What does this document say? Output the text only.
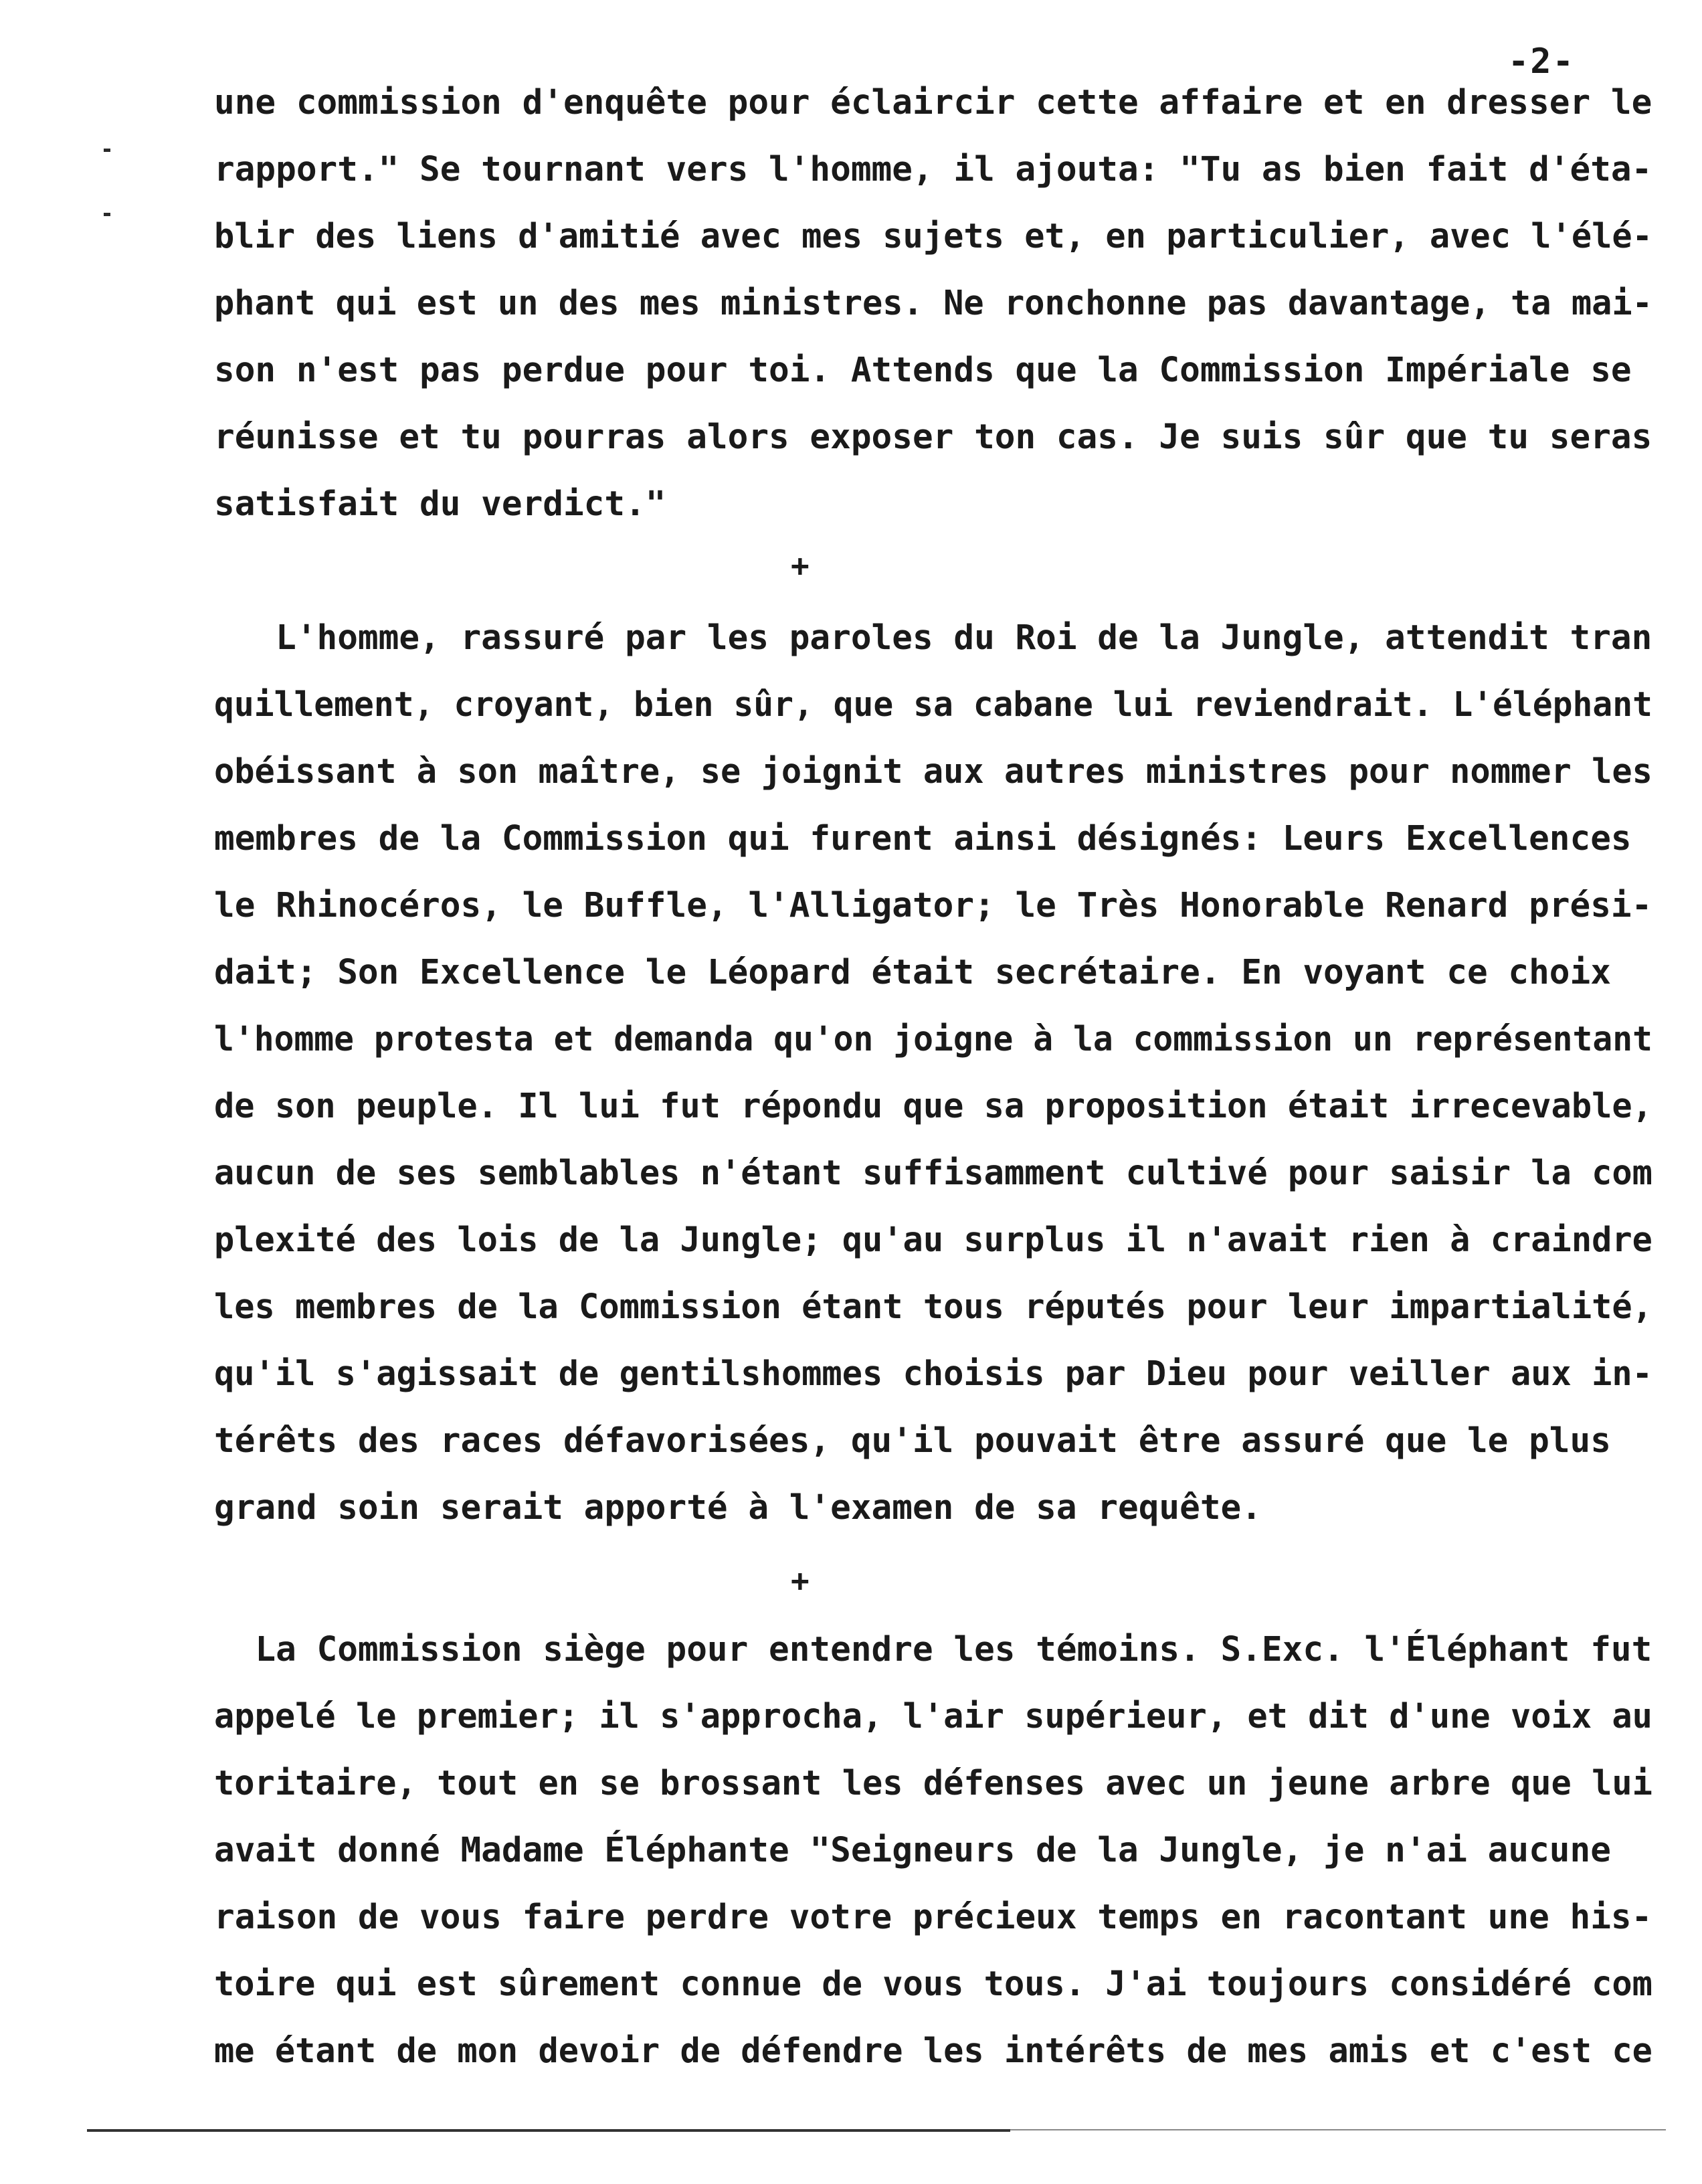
-2-
une commission d'enquête pour éclaircir cette affaire et en dresser le
rapport." Se tournant vers l'homme, il ajouta: "Tu as bien fait d'éta-
blir des liens d'amitié avec mes sujets et, en particulier, avec l'élé-
phant qui est un des mes ministres. Ne ronchonne pas davantage, ta mai-
son n'est pas perdue pour toi. Attends que la Commission Impériale se
réunisse et tu pourras alors exposer ton cas. Je suis sûr que tu seras
satisfait du verdict."
+
L'homme, rassuré par les paroles du Roi de la Jungle, attendit tran
quillement, croyant, bien sûr, que sa cabane lui reviendrait. L'éléphant
obéissant à son maître, se joignit aux autres ministres pour nommer les
membres de la Commission qui furent ainsi désignés: Leurs Excellences
le Rhinocéros, le Buffle, l'Alligator; le Très Honorable Renard prési-
dait; Son Excellence le Léopard était secrétaire. En voyant ce choix
l'homme protesta et demanda qu'on joigne à la commission un représentant
de son peuple. Il lui fut répondu que sa proposition était irrecevable,
aucun de ses semblables n'étant suffisamment cultivé pour saisir la com
plexité des lois de la Jungle; qu'au surplus il n'avait rien à craindre
les membres de la Commission étant tous réputés pour leur impartialité,
qu'il s'agissait de gentilshommes choisis par Dieu pour veiller aux in-
térêts des races défavorisées, qu'il pouvait être assuré que le plus
grand soin serait apporté à l'examen de sa requête.
+
La Commission siège pour entendre les témoins. S.Exc. l'Éléphant fut
appelé le premier; il s'approcha, l'air supérieur, et dit d'une voix au
toritaire, tout en se brossant les défenses avec un jeune arbre que lui
avait donné Madame Éléphante "Seigneurs de la Jungle, je n'ai aucune
raison de vous faire perdre votre précieux temps en racontant une his-
toire qui est sûrement connue de vous tous. J'ai toujours considéré com
me étant de mon devoir de défendre les intérêts de mes amis et c'est ce
